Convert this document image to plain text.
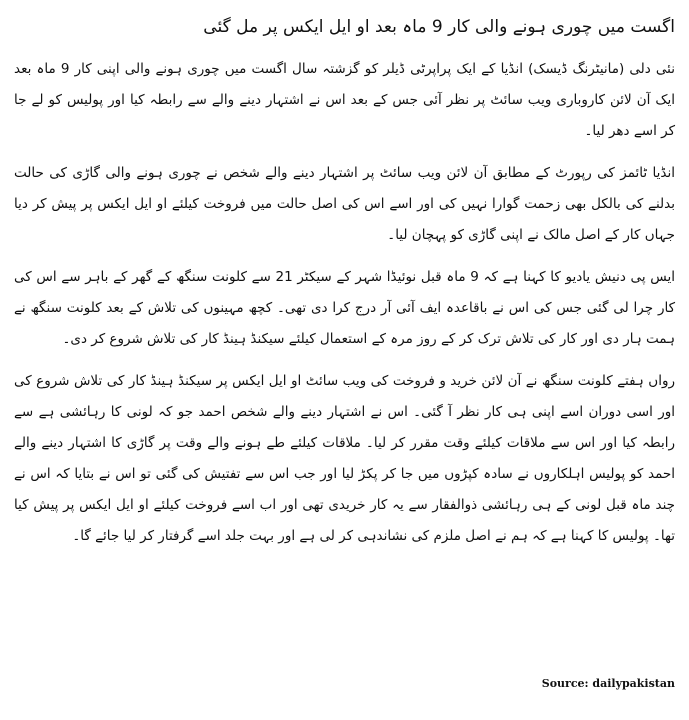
اگست میں چوری ہونے والی کار 9 ماہ بعد او ایل ایکس پر مل گئی

نئی دلی (مانیٹرنگ ڈیسک) انڈیا کے ایک پراپرٹی ڈیلر کو گزشتہ سال اگست میں چوری ہونے والی اپنی کار 9 ماہ بعد ایک آن لائن کاروباری ویب سائٹ پر نظر آئی جس کے بعد اس نے اشتہار دینے والے سے رابطہ کیا اور پولیس کو لے جا کر اسے دھر لیا۔

انڈیا ٹائمز کی رپورٹ کے مطابق آن لائن ویب سائٹ پر اشتہار دینے والے شخص نے چوری ہونے والی گاڑی کی حالت بدلنے کی بالکل بھی زحمت گوارا نہیں کی اور اسے اس کی اصل حالت میں فروخت کیلئے او ایل ایکس پر پیش کر دیا جہاں کار کے اصل مالک نے اپنی گاڑی کو پہچان لیا۔

ایس پی دنیش یادیو کا کہنا ہے کہ 9 ماہ قبل نوئیڈا شہر کے سیکٹر 21 سے کلونت سنگھ کے گھر کے باہر سے اس کی کار چرا لی گئی جس کی اس نے باقاعدہ ایف آئی آر درج کرا دی تھی۔ کچھ مہینوں کی تلاش کے بعد کلونت سنگھ نے ہمت ہار دی اور کار کی تلاش ترک کر کے روز مرہ کے استعمال کیلئے سیکنڈ ہینڈ کار کی تلاش شروع کر دی۔

رواں ہفتے کلونت سنگھ نے آن لائن خرید و فروخت کی ویب سائٹ او ایل ایکس پر سیکنڈ ہینڈ کار کی تلاش شروع کی اور اسی دوران اسے اپنی ہی کار نظر آ گئی۔ اس نے اشتہار دینے والے شخص احمد جو کہ لونی کا رہائشی ہے سے رابطہ کیا اور اس سے ملاقات کیلئے وقت مقرر کر لیا۔ ملاقات کیلئے طے ہونے والے وقت پر گاڑی کا اشتہار دینے والے احمد کو پولیس اہلکاروں نے سادہ کپڑوں میں جا کر پکڑ لیا اور جب اس سے تفتیش کی گئی تو اس نے بتایا کہ اس نے چند ماہ قبل لونی کے ہی رہائشی ذوالفقار سے یہ کار خریدی تھی اور اب اسے فروخت کیلئے او ایل ایکس پر پیش کیا تھا۔ پولیس کا کہنا ہے کہ ہم نے اصل ملزم کی نشاندہی کر لی ہے اور بہت جلد اسے گرفتار کر لیا جائے گا۔

Source: dailypakistan
